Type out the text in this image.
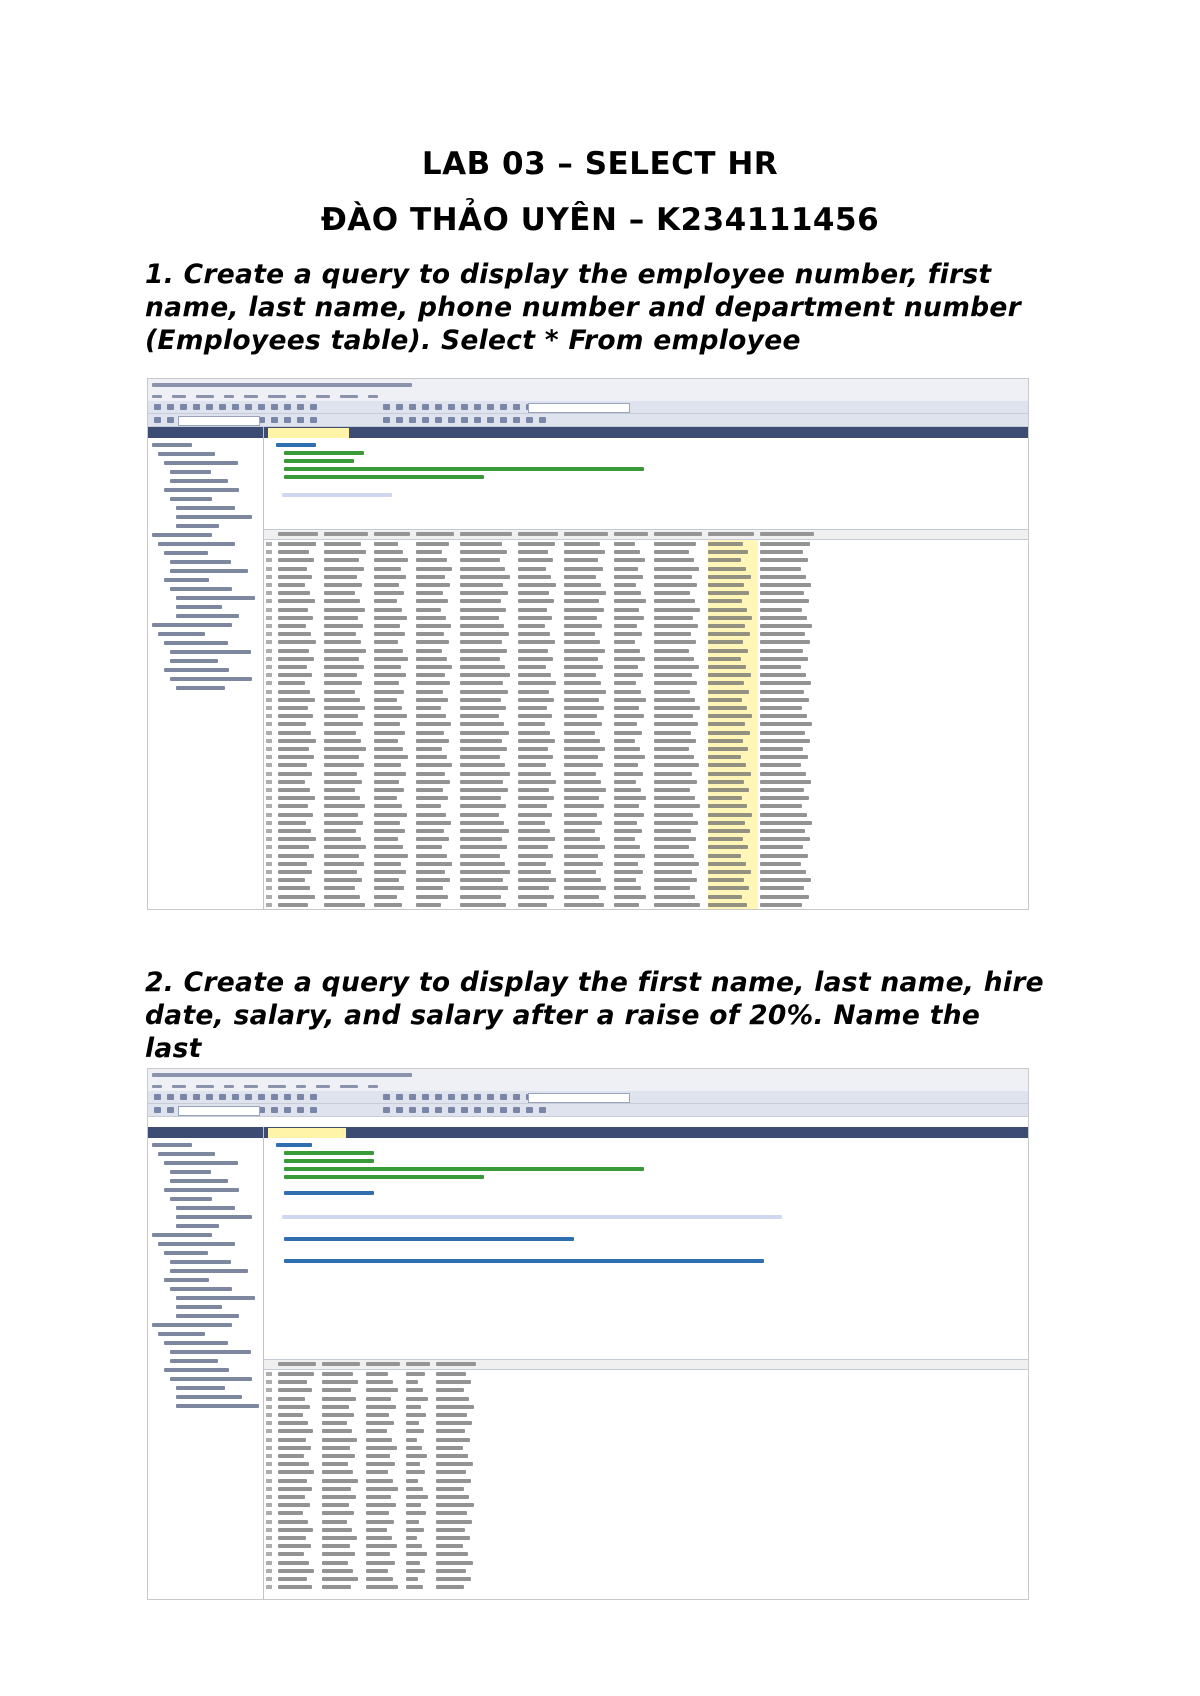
LAB 03 – SELECT HR
ĐÀO THẢO UYÊN – K234111456
1. Create a query to display the employee number, first name, last name, phone number and department number (Employees table). Select * From employee

2. Create a query to display the first name, last name, hire date, salary, and salary after a raise of 20%. Name the last
